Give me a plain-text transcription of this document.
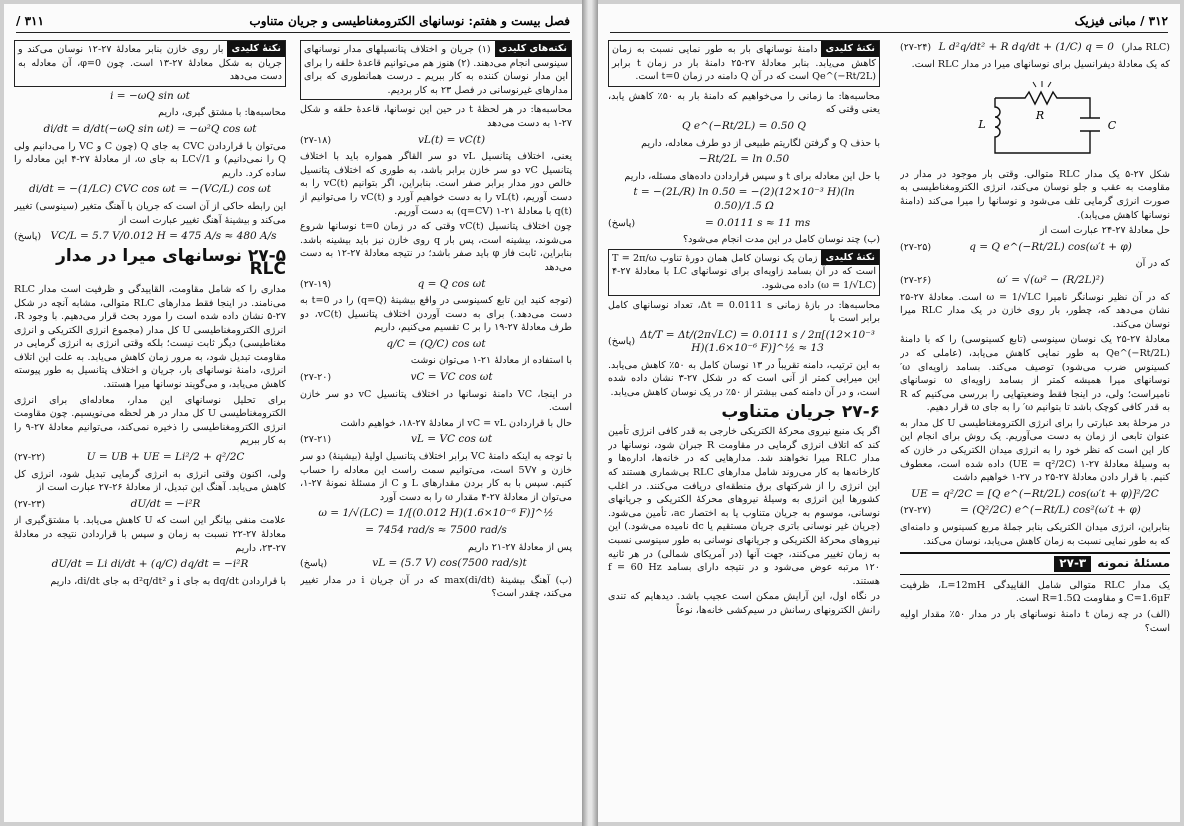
فصل بیست و هفتم: نوسانهای الکترومغناطیسی و جریان متناوب
۳۱۱ /
نکته‌های کلیدی
(۱) جریان و اختلاف پتانسیلهای مدار نوسانهای سینوسی انجام می‌دهند. (۲) هنوز هم می‌توانیم قاعدهٔ حلقه را برای این مدار نوسان کننده به کار ببریم ـ درست همانطوری که برای مدارهای غیرنوسانی در فصل ۲۳ به کار بردیم.

محاسبه‌ها: در هر لحظهٔ t در حین این نوسانها، قاعدهٔ حلقه و شکل ۲۷-۱ به دست می‌دهد

(۲۷-۱۸)	vL(t) = vC(t)

یعنی، اختلاف پتانسیل vL دو سر القاگر همواره باید با اختلاف پتانسیل vC دو سر خازن برابر باشد، به طوری که اختلاف پتانسیل خالص دور مدار برابر صفر است. بنابراین، اگر بتوانیم vC(t) را به دست آوریم، vL(t) را به دست خواهیم آورد و vC(t) را می‌توانیم از q(t) با معادلهٔ ۲۱-۱ (q=CV) به دست آوریم.

چون اختلاف پتانسیل vC(t) وقتی که در زمان t=0 نوسانها شروع می‌شوند، بیشینه است، پس بار q روی خازن نیز باید بیشینه باشد. بنابراین، ثابت فاز φ باید صفر باشد؛ در نتیجه معادلهٔ ۲۷-۱۲ به دست می‌دهد

(۲۷-۱۹)	q = Q cos ωt

(توجه کنید این تابع کسینوسی در واقع بیشینهٔ (q=Q) را در t=0 به دست می‌دهد.) برای به دست آوردن اختلاف پتانسیل vC(t)، دو طرف معادلهٔ ۲۷-۱۹ را بر C تقسیم می‌کنیم، داریم

q/C = (Q/C) cos ωt

با استفاده از معادلهٔ ۲۱-۱ می‌توان نوشت

(۲۷-۲۰)	vC = VC cos ωt

در اینجا، VC دامنهٔ نوسانها در اختلاف پتانسیل vC دو سر خازن است.

حال با قراردادن vC = vL از معادلهٔ ۲۷-۱۸، خواهیم داشت

(۲۷-۲۱)	vL = VC cos ωt

با توجه به اینکه دامنهٔ VC برابر اختلاف پتانسیل اولیهٔ (بیشینهٔ) دو سر خازن و 5V۷ است، می‌توانیم سمت راست این معادله را حساب کنیم. سپس با به کار بردن مقدارهای L و C از مسئلهٔ نمونهٔ ۲۷-۱، می‌توان از معادلهٔ ۲۷-۴ مقدار ω را به دست آورد

ω = 1/√(LC) = 1/[(0.012 H)(1.6×10⁻⁶ F)]^½
= 7454 rad/s ≈ 7500 rad/s

پس از معادلهٔ ۲۷-۲۱ داریم

(پاسخ)	vL = (5.7 V) cos(7500 rad/s)t

(ب) آهنگ بیشینهٔ (di/dt)max که در آن جریان i در مدار تغییر می‌کند، چقدر است؟

نکتهٔ کلیدی
بار روی خازن بنابر معادلهٔ ۲۷-۱۲ نوسان می‌کند و جریان به شکل معادلهٔ ۲۷-۱۳ است. چون φ=0، آن معادله به دست می‌دهد
i = −ωQ sin ωt

محاسبه‌ها: با مشتق گیری، داریم

di/dt = d/dt(−ωQ sin ωt) = −ω²Q cos ωt

می‌توان با قراردادن CVC به جای Q (چون C و VC را می‌دانیم ولی Q را نمی‌دانیم) و 1/√LC به جای ω، از معادلهٔ ۲۷-۴ این معادله را ساده کرد. داریم

di/dt = −(1/LC) CVC cos ωt = −(VC/L) cos ωt

این رابطه حاکی از آن است که جریان با آهنگ متغیر (سینوسی) تغییر می‌کند و بیشینهٔ آهنگ تغییر عبارت است از

(پاسخ) VC/L = 5.7 V/0.012 H = 475 A/s ≈ 480 A/s
۲۷-۵ نوسانهای میرا در مدار RLC

مداری را که شامل مقاومت، القاییدگی و ظرفیت است مدار RLC می‌نامند. در اینجا فقط مدارهای RLC متوالی، مشابه آنچه در شکل ۲۷-۵ نشان داده شده است را مورد بحث قرار می‌دهیم. با وجود R، انرژی الکترومغناطیسی U کل مدار (مجموع انرژی الکتریکی و انرژی مغناطیسی) دیگر ثابت نیست؛ بلکه وقتی انرژی به انرژی گرمایی در مقاومت تبدیل شود، به مرور زمان کاهش می‌یابد. به علت این اتلاف انرژی، دامنهٔ نوسانهای بار، جریان و اختلاف پتانسیل به طور پیوسته کاهش می‌یابد، و می‌گویند نوسانها میرا هستند.

برای تحلیل نوسانهای این مدار، معادله‌ای برای انرژی الکترومغناطیسی U کل مدار در هر لحظه می‌نویسیم. چون مقاومت انرژی الکترومغناطیسی را ذخیره نمی‌کند، می‌توانیم معادلهٔ ۲۷-۹ را به کار ببریم

(۲۷-۲۲)	U = UB + UE = Li²/2 + q²/2C

ولی، اکنون وقتی انرژی به انرژی گرمایی تبدیل شود، انرژی کل کاهش می‌یابد. آهنگ این تبدیل، از معادلهٔ ۲۶-۲۷ عبارت است از

(۲۷-۲۳)	dU/dt = −i²R

علامت منفی بیانگر این است که U کاهش می‌یابد. با مشتق‌گیری از معادلهٔ ۲۷-۲۲ نسبت به زمان و سپس با قراردادن نتیجه در معادلهٔ ۲۷-۲۳، داریم

dU/dt = Li di/dt + (q/C) dq/dt = −i²R

با قراردادن dq/dt به جای i و d²q/dt² به جای di/dt، داریم

۳۱۲ / مبانی فیزیک
(۲۷-۲۴) L d²q/dt² + R dq/dt + (1/C) q = 0 (مدار RLC)

که یک معادلهٔ دیفرانسیل برای نوسانهای میرا در مدار RLC است.

R
L	C

شکل ۲۷-۵ یک مدار RLC متوالی. وقتی بار موجود در مدار در مقاومت به عقب و جلو نوسان می‌کند، انرژی الکترومغناطیسی به صورت انرژی گرمایی تلف می‌شود و نوسانها را میرا می‌کند (دامنهٔ نوسانها کاهش می‌یابد).

حل معادلهٔ ۲۷-۲۴ عبارت است از

(۲۷-۲۵)	q = Q e^(−Rt/2L) cos(ω′t + φ)

که در آن

(۲۷-۲۶)	ω′ = √(ω² − (R/2L)²)

که در آن نظیر نوسانگر نامیرا ω = 1/√LC است. معادلهٔ ۲۷-۲۵ نشان می‌دهد که، چطور، بار روی خازن در یک مدار RLC میرا نوسان می‌کند.

معادلهٔ ۲۷-۲۵ یک نوسان سینوسی (تابع کسینوسی) را که با دامنهٔ Qe^(−Rt/2L) به طور نمایی کاهش می‌یابد، (عاملی که در کسینوس ضرب می‌شود) توصیف می‌کند. بسامد زاویه‌ای ω′ نوسانهای میرا همیشه کمتر از بسامد زاویه‌ای ω نوسانهای نامیراست؛ ولی، در اینجا فقط وضعیتهایی را بررسی می‌کنیم که R به قدر کافی کوچک باشد تا بتوانیم ω′ را به جای ω قرار دهیم.

در مرحلهٔ بعد عبارتی را برای انرژی الکترومغناطیسی U کل مدار به عنوان تابعی از زمان به دست می‌آوریم. یک روش برای انجام این کار این است که نظر خود را به انرژی میدان الکتریکی در خازن که به وسیلهٔ معادلهٔ ۲۷-۱ (UE = q²/2C) داده شده است، معطوف کنیم. با قرار دادن معادلهٔ ۲۷-۲۵ در ۲۷-۱ خواهیم داشت

UE = q²/2C = [Q e^(−Rt/2L) cos(ω′t + φ)]²/2C
(۲۷-۲۷)	= (Q²/2C) e^(−Rt/L) cos²(ω′t + φ)

بنابراین، انرژی میدان الکتریکی بنابر جملهٔ مربع کسینوس و دامنه‌ای که به طور نمایی نسبت به زمان کاهش می‌یابد، نوسان می‌کند.

مسئلهٔ نمونه
۲۷-۳

یک مدار RLC متوالی شامل القاییدگی L=12mH، ظرفیت C=1.6μF و مقاومت R=1.5Ω است.

(الف) در چه زمان t دامنهٔ نوسانهای بار در مدار ۵۰٪ مقدار اولیه است؟

نکتهٔ کلیدی
دامنهٔ نوسانهای بار به طور نمایی نسبت به زمان کاهش می‌یابد. بنابر معادلهٔ ۲۷-۲۵ دامنهٔ بار در زمان t برابر Qe^(−Rt/2L) است که در آن Q دامنه در زمان t=0 است.

محاسبه‌ها: ما زمانی را می‌خواهیم که دامنهٔ بار به ۵۰٪ کاهش یابد، یعنی وقتی که

Q e^(−Rt/2L) = 0.50 Q

با حذف Q و گرفتن لگاریتم طبیعی از دو طرف معادله، داریم

−Rt/2L = ln 0.50

با حل این معادله برای t و سپس قراردادن داده‌های مسئله، داریم

t = −(2L/R) ln 0.50 = −(2)(12×10⁻³ H)(ln 0.50)/1.5 Ω
(پاسخ)	= 0.0111 s ≈ 11 ms

(ب) چند نوسان کامل در این مدت انجام می‌شود؟

نکتهٔ کلیدی
زمان یک نوسان کامل همان دورهٔ تناوب T = 2π/ω است که در آن بسامد زاویه‌ای برای نوسانهای LC با معادلهٔ ۲۷-۴ (ω = 1/√LC) داده می‌شود.

محاسبه‌ها: در بازهٔ زمانی Δt = 0.0111 s، تعداد نوسانهای کامل برابر است با

(پاسخ)
Δt/T = Δt/(2π√LC) = 0.0111 s / 2π[(12×10⁻³ H)(1.6×10⁻⁶ F)]^½ ≈ 13

به این ترتیب، دامنه تقریباً در ۱۳ نوسان کامل به ۵۰٪ کاهش می‌یابد. این میرایی کمتر از آنی است که در شکل ۲۷-۳ نشان داده شده است، و در آن دامنه کمی بیشتر از ۵۰٪ در یک نوسان کاهش می‌یابد.

۲۷-۶ جریان متناوب

اگر یک منبع نیروی محرکهٔ الکتریکی خارجی به قدر کافی انرژی تأمین کند که اتلاف انرژی گرمایی در مقاومت R جبران شود، نوسانها در مدار RLC میرا نخواهند شد. مدارهایی که در خانه‌ها، اداره‌ها و کارخانه‌ها به کار می‌روند شامل مدارهای RLC بی‌شماری هستند که این انرژی را از شرکتهای برق منطقه‌ای دریافت می‌کنند. در اغلب کشورها این انرژی به وسیلهٔ نیروهای محرکهٔ الکتریکی و جریانهای نوسانی، موسوم به جریان متناوب یا به اختصار ac، تأمین می‌شود. (جریان غیر نوسانی باتری جریان مستقیم یا dc نامیده می‌شود.) این نیروهای محرکهٔ الکتریکی و جریانهای نوسانی به طور سینوسی نسبت به زمان تغییر می‌کنند، جهت آنها (در آمریکای شمالی) در هر ثانیه ۱۲۰ مرتبه عوض می‌شود و در نتیجه دارای بسامد f = 60 Hz هستند.

در نگاه اول، این آرایش ممکن است عجیب باشد. دیدهایم که تندی رانش الکترونهای رسانش در سیم‌کشی خانه‌ها، نوعاً
